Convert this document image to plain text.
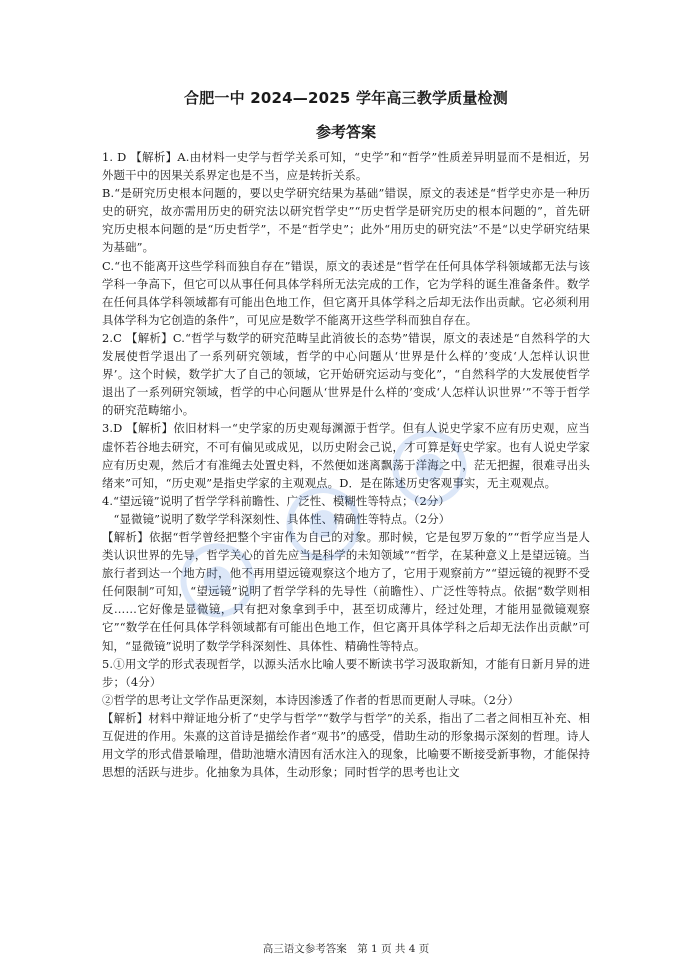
合肥一中 2024—2025 学年高三教学质量检测
参考答案

1. D 【解析】A.由材料一史学与哲学关系可知，“史学”和“哲学”性质差异明显而不是相近，另外题干中的因果关系界定也是不当，应是转折关系。

B.“是研究历史根本问题的，要以史学研究结果为基础”错误，原文的表述是“哲学史亦是一种历史的研究，故亦需用历史的研究法以研究哲学史”“历史哲学是研究历史的根本问题的”，首先研究历史根本问题的是“历史哲学”，不是“哲学史”；此外“用历史的研究法”不是“以史学研究结果为基础”。

C.“也不能离开这些学科而独自存在”错误，原文的表述是“哲学在任何具体学科领域都无法与该学科一争高下，但它可以从事任何具体学科所无法完成的工作，它为学科的诞生准备条件。数学在任何具体学科领域都有可能出色地工作，但它离开具体学科之后却无法作出贡献。它必须利用具体学科为它创造的条件”，可见应是数学不能离开这些学科而独自存在。

2.C 【解析】C.“哲学与数学的研究范畴呈此消彼长的态势”错误，原文的表述是“自然科学的大发展使哲学退出了一系列研究领域，哲学的中心问题从‘世界是什么样的’变成‘人怎样认识世界’。这个时候，数学扩大了自己的领域，它开始研究运动与变化”，“自然科学的大发展使哲学退出了一系列研究领域，哲学的中心问题从‘世界是什么样的’变成‘人怎样认识世界’”不等于哲学的研究范畴缩小。

3.D 【解析】依旧材料一“史学家的历史观每渊源于哲学。但有人说史学家不应有历史观，应当虚怀若谷地去研究，不可有偏见或成见，以历史附会己说，才可算是好史学家。也有人说史学家应有历史观，然后才有准绳去处置史料，不然便如迷离飘荡于洋海之中，茫无把握，很难寻出头绪来”可知，“历史观”是指史学家的主观观点。D．是在陈述历史客观事实，无主观观点。

4.“望远镜”说明了哲学学科前瞻性、广泛性、模糊性等特点；（2分）

　“显微镜”说明了数学学科深刻性、具体性、精确性等特点。（2分）

【解析】依据“哲学曾经把整个宇宙作为自己的对象。那时候，它是包罗万象的”“哲学应当是人类认识世界的先导，哲学关心的首先应当是科学的未知领域”“哲学，在某种意义上是望远镜。当旅行者到达一个地方时，他不再用望远镜观察这个地方了，它用于观察前方”“望远镜的视野不受任何限制”可知，“望远镜”说明了哲学学科的先导性（前瞻性）、广泛性等特点。依据“数学则相反……它好像是显微镜，只有把对象拿到手中，甚至切成薄片，经过处理，才能用显微镜观察它”“数学在任何具体学科领域都有可能出色地工作，但它离开具体学科之后却无法作出贡献”可知，“显微镜”说明了数学学科深刻性、具体性、精确性等特点。

5.①用文学的形式表现哲学，以源头活水比喻人要不断读书学习汲取新知，才能有日新月异的进步；（4分）

②哲学的思考让文学作品更深刻，本诗因渗透了作者的哲思而更耐人寻味。（2分）

【解析】材料中辩证地分析了“史学与哲学”“数学与哲学”的关系，指出了二者之间相互补充、相互促进的作用。朱熹的这首诗是描绘作者“观书”的感受，借助生动的形象揭示深刻的哲理。诗人用文学的形式借景喻理，借助池塘水清因有活水注入的现象，比喻要不断接受新事物，才能保持思想的活跃与进步。化抽象为具体，生动形象；同时哲学的思考也让文

高三语文参考答案　第 1 页 共 4 页
